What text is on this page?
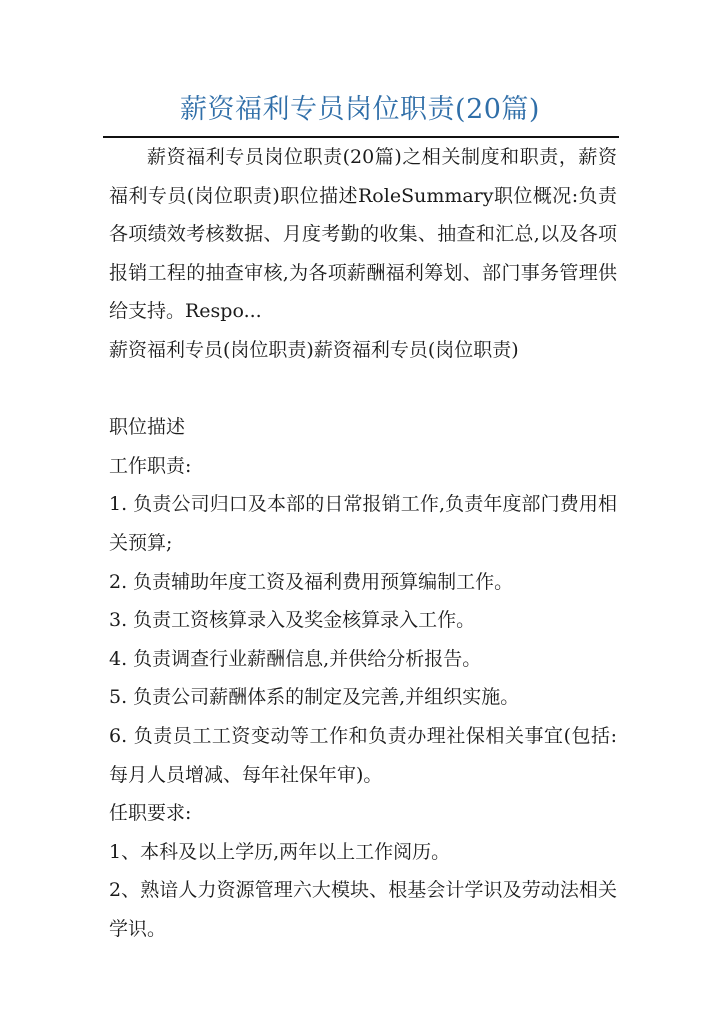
薪资福利专员岗位职责(20篇)

薪资福利专员岗位职责(20篇)之相关制度和职责，薪资福利专员(岗位职责)职位描述RoleSummary职位概况:负责各项绩效考核数据、月度考勤的收集、抽查和汇总,以及各项报销工程的抽查审核,为各项薪酬福利筹划、部门事务管理供给支持。Respo...

薪资福利专员(岗位职责)薪资福利专员(岗位职责)

职位描述

工作职责:

1. 负责公司归口及本部的日常报销工作,负责年度部门费用相关预算;

2. 负责辅助年度工资及福利费用预算编制工作。

3. 负责工资核算录入及奖金核算录入工作。

4. 负责调查行业薪酬信息,并供给分析报告。

5. 负责公司薪酬体系的制定及完善,并组织实施。

6. 负责员工工资变动等工作和负责办理社保相关事宜(包括:每月人员增减、每年社保年审)。

任职要求:

1、本科及以上学历,两年以上工作阅历。

2、熟谙人力资源管理六大模块、根基会计学识及劳动法相关学识。
